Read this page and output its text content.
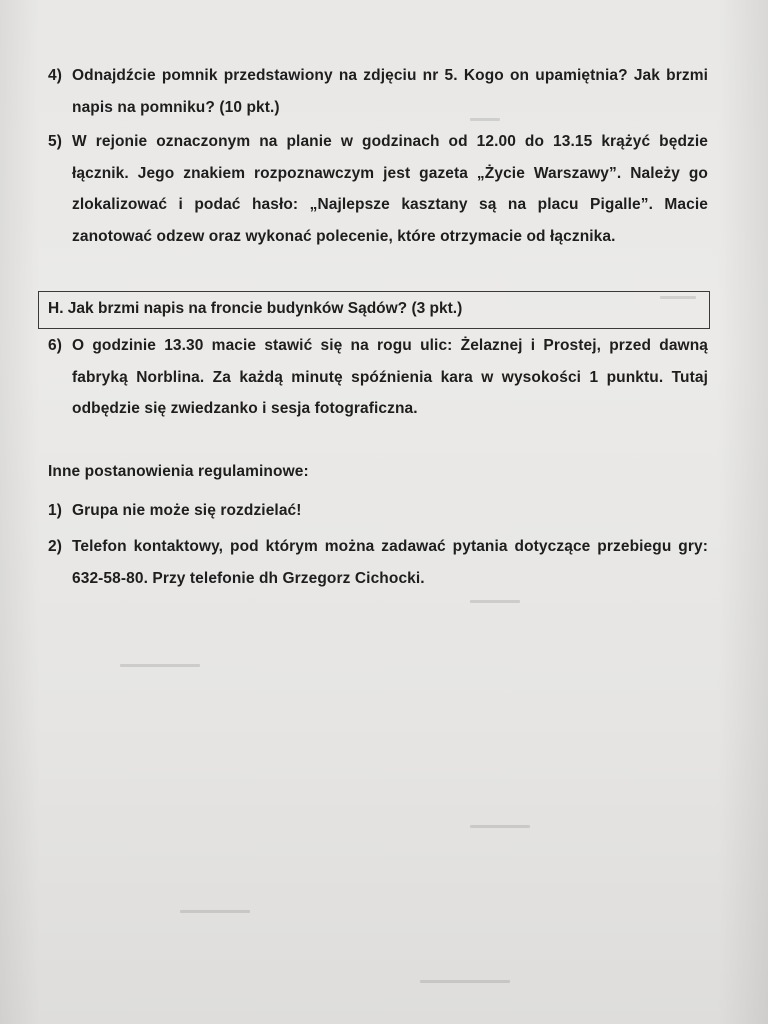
4) Odnajdźcie pomnik przedstawiony na zdjęciu nr 5. Kogo on upamiętnia? Jak brzmi napis na pomniku? (10 pkt.)
5) W rejonie oznaczonym na planie w godzinach od 12.00 do 13.15 krążyć będzie łącznik. Jego znakiem rozpoznawczym jest gazeta „Życie Warszawy”. Należy go zlokalizować i podać hasło: „Najlepsze kasztany są na placu Pigalle”. Macie zanotować odzew oraz wykonać polecenie, które otrzymacie od łącznika.
H. Jak brzmi napis na froncie budynków Sądów? (3 pkt.)
6) O godzinie 13.30 macie stawić się na rogu ulic: Żelaznej i Prostej, przed dawną fabryką Norblina. Za każdą minutę spóźnienia kara w wysokości 1 punktu. Tutaj odbędzie się zwiedzanko i sesja fotograficzna.
Inne postanowienia regulaminowe:
1) Grupa nie może się rozdzielać!
2) Telefon kontaktowy, pod którym można zadawać pytania dotyczące przebiegu gry: 632-58-80. Przy telefonie dh Grzegorz Cichocki.
